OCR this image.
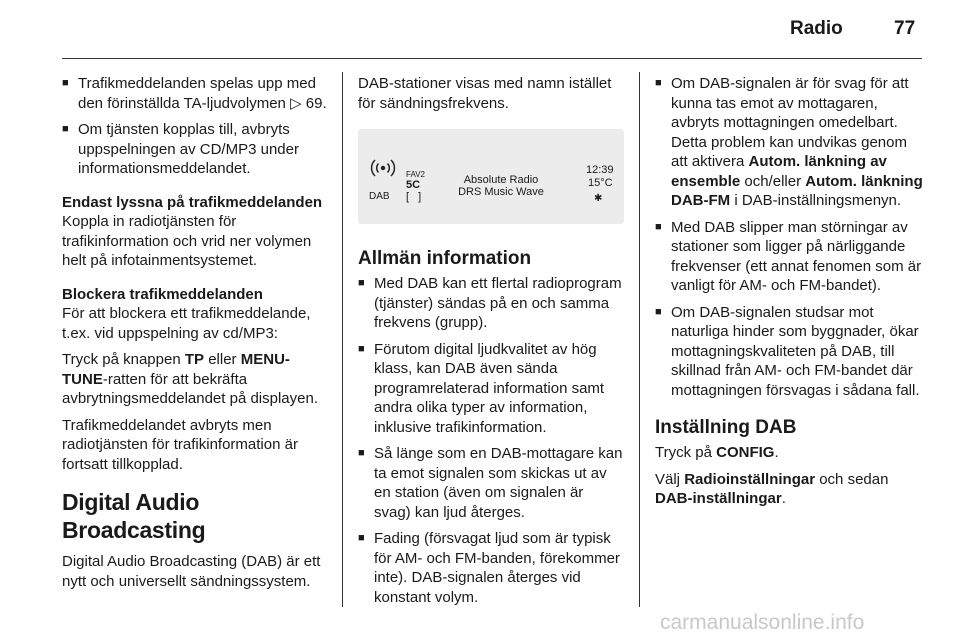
Radio	77
■ Trafikmeddelanden spelas upp med den förinställda TA-ljudvolymen ▷ 69.
■ Om tjänsten kopplas till, avbryts uppspelningen av CD/MP3 under informationsmeddelandet.
Endast lyssna på trafikmeddelanden

Koppla in radiotjänsten för trafikinformation och vrid ner volymen helt på infotainmentsystemet.

Blockera trafikmeddelanden

För att blockera ett trafikmeddelande, t.ex. vid uppspelning av cd/MP3:

Tryck på knappen TP eller MENU-TUNE-ratten för att bekräfta avbrytningsmeddelandet på displayen.

Trafikmeddelandet avbryts men radiotjänsten för trafikinformation är fortsatt tillkopplad.

Digital Audio Broadcasting

Digital Audio Broadcasting (DAB) är ett nytt och universellt sändningssystem.

DAB-stationer visas med namn istället för sändningsfrekvens.

DAB
FAV2
5C
[ ]
Absolute Radio
DRS Music Wave
12:39
15°C
✱
Allmän information
■ Med DAB kan ett flertal radioprogram (tjänster) sändas på en och samma frekvens (grupp).
■ Förutom digital ljudkvalitet av hög klass, kan DAB även sända programrelaterad information samt andra olika typer av information, inklusive trafikinformation.
■ Så länge som en DAB-mottagare kan ta emot signalen som skickas ut av en station (även om signalen är svag) kan ljud återges.
■ Fading (försvagat ljud som är typisk för AM- och FM-banden, förekommer inte). DAB-signalen återges vid konstant volym.
■ Om DAB-signalen är för svag för att kunna tas emot av mottagaren, avbryts mottagningen omedelbart. Detta problem kan undvikas genom att aktivera Autom. länkning av ensemble och/eller Autom. länkning DAB-FM i DAB-inställningsmenyn.
■ Med DAB slipper man störningar av stationer som ligger på närliggande frekvenser (ett annat fenomen som är vanligt för AM- och FM-bandet).
■ Om DAB-signalen studsar mot naturliga hinder som byggnader, ökar mottagningskvaliteten på DAB, till skillnad från AM- och FM-bandet där mottagningen försvagas i sådana fall.
Inställning DAB

Tryck på CONFIG.

Välj Radioinställningar och sedan DAB-inställningar.

carmanualsonline.info
